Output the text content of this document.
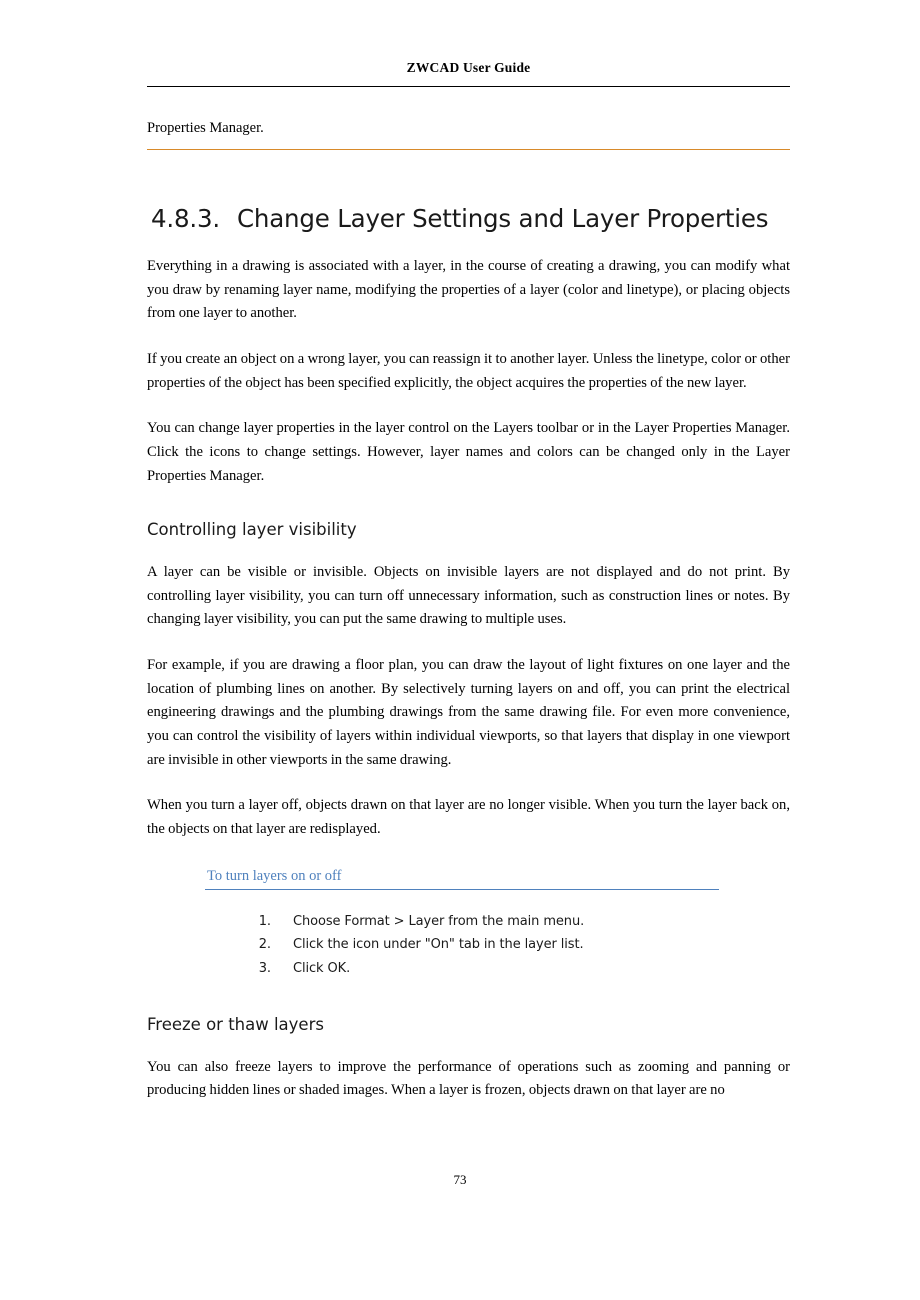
ZWCAD User Guide

Properties Manager.

4.8.3. Change Layer Settings and Layer Properties

Everything in a drawing is associated with a layer, in the course of creating a drawing, you can modify what you draw by renaming layer name, modifying the properties of a layer (color and linetype), or placing objects from one layer to another.

If you create an object on a wrong layer, you can reassign it to another layer. Unless the linetype, color or other properties of the object has been specified explicitly, the object acquires the properties of the new layer.

You can change layer properties in the layer control on the Layers toolbar or in the Layer Properties Manager. Click the icons to change settings. However, layer names and colors can be changed only in the Layer Properties Manager.

Controlling layer visibility

A layer can be visible or invisible. Objects on invisible layers are not displayed and do not print. By controlling layer visibility, you can turn off unnecessary information, such as construction lines or notes. By changing layer visibility, you can put the same drawing to multiple uses.

For example, if you are drawing a floor plan, you can draw the layout of light fixtures on one layer and the location of plumbing lines on another. By selectively turning layers on and off, you can print the electrical engineering drawings and the plumbing drawings from the same drawing file. For even more convenience, you can control the visibility of layers within individual viewports, so that layers that display in one viewport are invisible in other viewports in the same drawing.

When you turn a layer off, objects drawn on that layer are no longer visible. When you turn the layer back on, the objects on that layer are redisplayed.

To turn layers on or off
1. Choose Format > Layer from the main menu.
2. Click the icon under "On" tab in the layer list.
3. Click OK.
Freeze or thaw layers

You can also freeze layers to improve the performance of operations such as zooming and panning or producing hidden lines or shaded images. When a layer is frozen, objects drawn on that layer are no

73
